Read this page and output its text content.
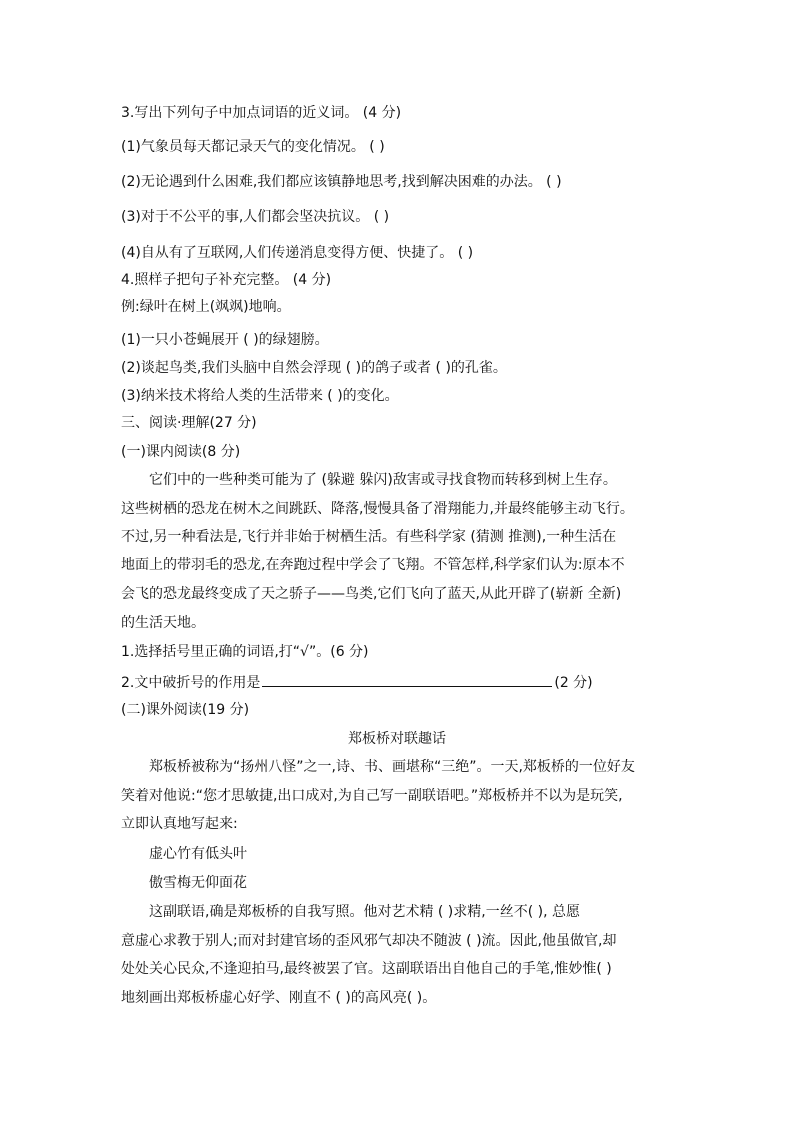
3.写出下列句子中加点词语的近义词。 (4 分)
(1)气象员每天都记录天气的变化情况。 ( )
(2)无论遇到什么困难,我们都应该镇静地思考,找到解决困难的办法。 ( )
(3)对于不公平的事,人们都会坚决抗议。 ( )
(4)自从有了互联网,人们传递消息变得方便、快捷了。 ( )
4.照样子把句子补充完整。 (4 分)
例:绿叶在树上(飒飒)地响。
(1)一只小苍蝇展开 ( )的绿翅膀。
(2)谈起鸟类,我们头脑中自然会浮现 ( )的鸽子或者 ( )的孔雀。
(3)纳米技术将给人类的生活带来 ( )的变化。
三、阅读·理解(27 分)
(一)课内阅读(8 分)
它们中的一些种类可能为了 (躲避 躲闪)敌害或寻找食物而转移到树上生存。
这些树栖的恐龙在树木之间跳跃、降落,慢慢具备了滑翔能力,并最终能够主动飞行。
不过,另一种看法是,飞行并非始于树栖生活。有些科学家 (猜测 推测),一种生活在
地面上的带羽毛的恐龙,在奔跑过程中学会了飞翔。不管怎样,科学家们认为:原本不
会飞的恐龙最终变成了天之骄子——鸟类,它们飞向了蓝天,从此开辟了(崭新 全新)
的生活天地。
1.选择括号里正确的词语,打“√”。(6 分)
2.文中破折号的作用是	(2 分)
(二)课外阅读(19 分)
郑板桥对联趣话
郑板桥被称为“扬州八怪”之一,诗、书、画堪称“三绝”。一天,郑板桥的一位好友
笑着对他说:“您才思敏捷,出口成对,为自己写一副联语吧。”郑板桥并不以为是玩笑,
立即认真地写起来:
虚心竹有低头叶
傲雪梅无仰面花
这副联语,确是郑板桥的自我写照。他对艺术精 ( )求精,一丝不( ), 总愿
意虚心求教于别人;而对封建官场的歪风邪气却决不随波 ( )流。因此,他虽做官,却
处处关心民众,不逢迎拍马,最终被罢了官。这副联语出自他自己的手笔,惟妙惟( )
地刻画出郑板桥虚心好学、刚直不 ( )的高风亮( )。
